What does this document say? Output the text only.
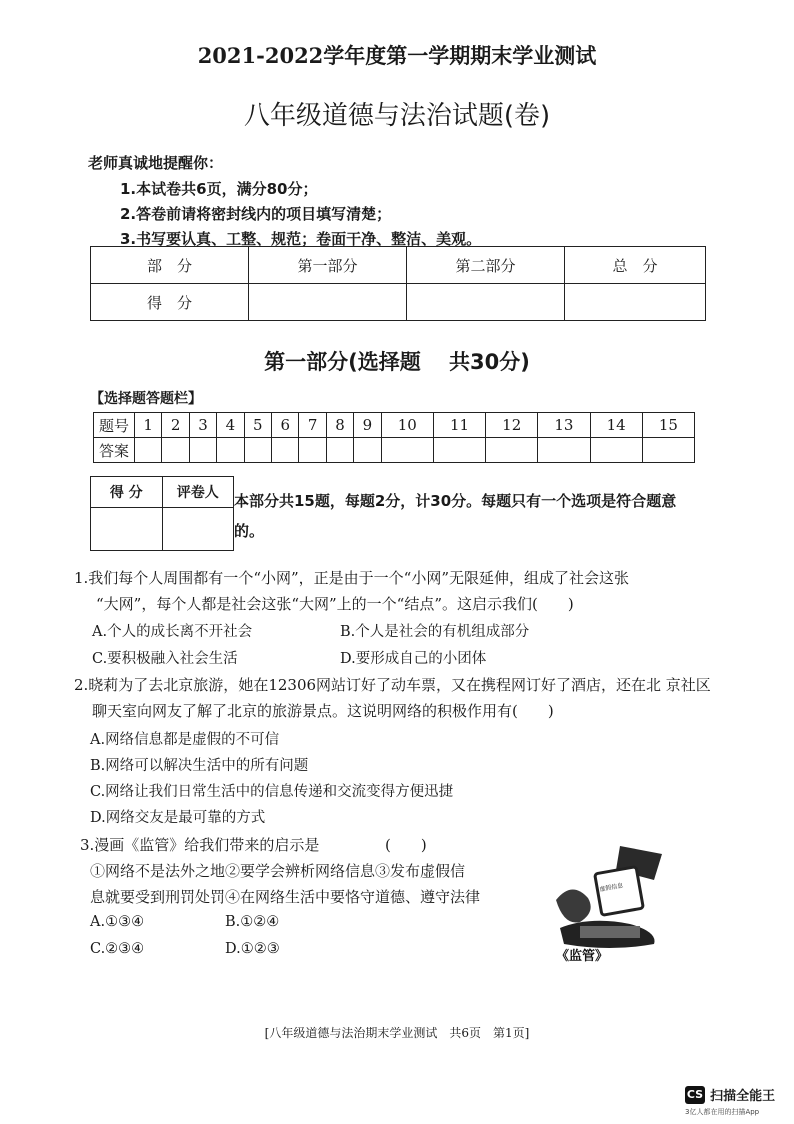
2021-2022学年度第一学期期末学业测试
八年级道德与法治试题(卷)
老师真诚地提醒你：
1.本试卷共6页，满分80分；
2.答卷前请将密封线内的项目填写清楚；
3.书写要认真、工整、规范；卷面干净、整洁、美观。
部　分	第一部分	第二部分	总　分
得　分			
第一部分(选择题　 共30分)
【选择题答题栏】
题号	1	2	3	4	5	6	7	8	9	10	11	12	13	14	15
答案															
得 分	评卷人
	本部分共15题，每题2分，计30分。每题只有一个选项是符合题意的。
1.我们每个人周围都有一个“小网”，正是由于一个“小网”无限延伸，组成了社会这张
“大网”，每个人都是社会这张“大网”上的一个“结点”。这启示我们(　　)
A.个人的成长离不开社会	B.个人是社会的有机组成部分
C.要积极融入社会生活	D.要形成自己的小团体
2.晓莉为了去北京旅游，她在12306网站订好了动车票，又在携程网订好了酒店，还在北 京社区
聊天室向网友了解了北京的旅游景点。这说明网络的积极作用有(　　)
A.网络信息都是虚假的不可信
B.网络可以解决生活中的所有问题
C.网络让我们日常生活中的信息传递和交流变得方便迅捷
D.网络交友是最可靠的方式
3.漫画《监管》给我们带来的启示是	(　　)
①网络不是法外之地②要学会辨析网络信息③发布虚假信
息就要受到刑罚处罚④在网络生活中要恪守道德、遵守法律
A.①③④	B.①②④
C.②③④	D.①②③
虚假信息
《监管》
[八年级道德与法治期末学业测试　共6页　第1页]
CS 扫描全能王
3亿人都在用的扫描App
